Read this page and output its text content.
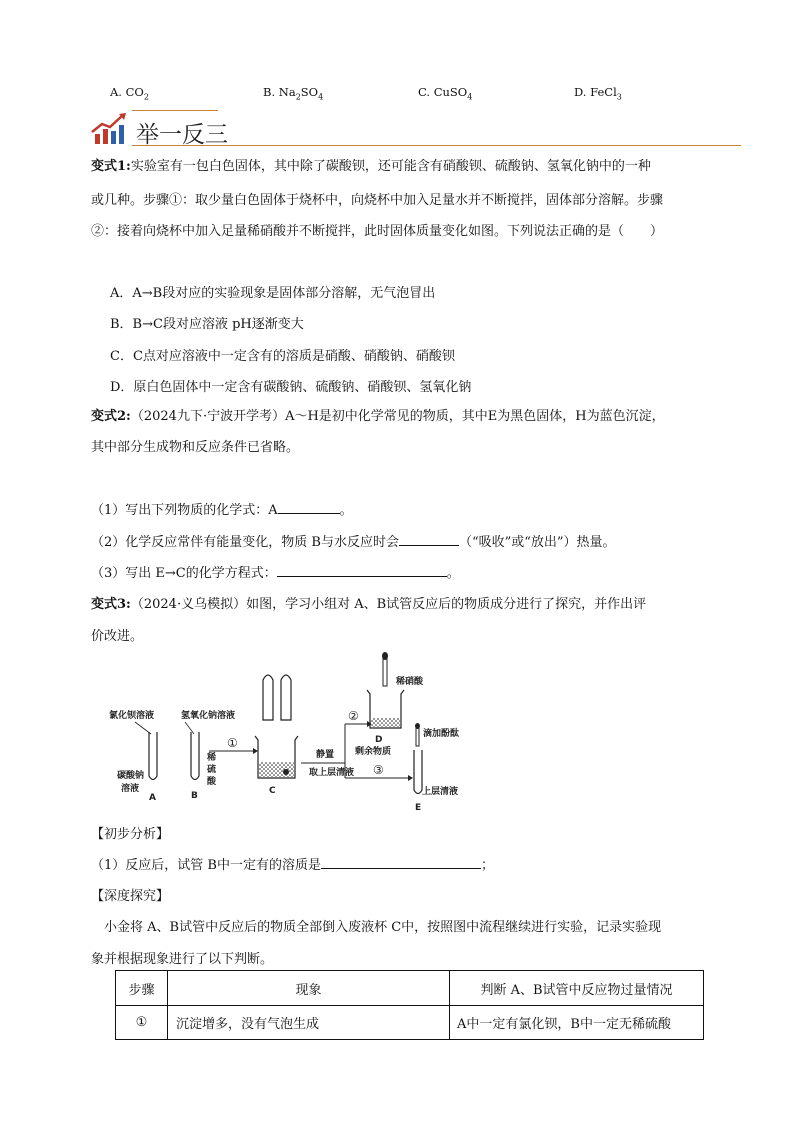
A. $CO_2$	B. $Na_2SO_4$	C. CuSO$_4$	D. FeCl$_3$
举一反三
变式1:实验室有一包白色固体，其中除了碳酸钡，还可能含有硝酸钡、硫酸钠、氢氧化钠中的一种
或几种。步骤①：取少量白色固体于烧杯中，向烧杯中加入足量水并不断搅拌，固体部分溶解。步骤
②：接着向烧杯中加入足量稀硝酸并不断搅拌，此时固体质量变化如图。下列说法正确的是（　　）
A．A→B段对应的实验现象是固体部分溶解，无气泡冒出
B．B→C段对应溶液 pH逐渐变大
C．C点对应溶液中一定含有的溶质是硝酸、硝酸钠、硝酸钡
D．原白色固体中一定含有碳酸钠、硫酸钠、硝酸钡、氢氧化钠
变式2:（2024九下·宁波开学考）A～H是初中化学常见的物质，其中E为黑色固体，H为蓝色沉淀，
其中部分生成物和反应条件已省略。
（1）写出下列物质的化学式：A	。
（2）化学反应常伴有能量变化，物质 B与水反应时会	（“吸收”或“放出”）热量。
（3）写出 E→C的化学方程式：	。
变式3:（2024·义乌模拟）如图，学习小组对 A、B试管反应后的物质成分进行了探究，并作出评
价改进。
氯化钡溶液
碳酸钠
溶液
A
氢氧化钠溶液
稀
硫
酸
B
①
C
静置
取上层清液
②
③
稀硝酸
D
剩余物质
滴加酚酞
上层清液
E
【初步分析】
（1）反应后，试管 B中一定有的溶质是	；
【深度探究】
小金将 A、B试管中反应后的物质全部倒入废液杯 C中，按照图中流程继续进行实验，记录实验现
象并根据现象进行了以下判断。
步骤	现象	判断 A、B试管中反应物过量情况
①	沉淀增多，没有气泡生成	A中一定有氯化钡，B中一定无稀硫酸
